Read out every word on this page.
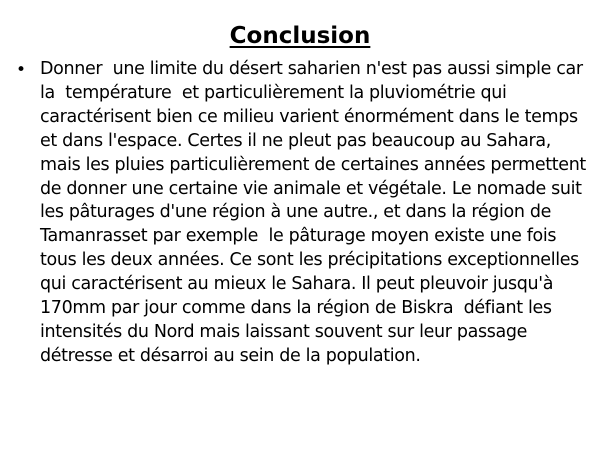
Conclusion
• Donner  une limite du désert saharien n'est pas aussi simple car la  température  et particulièrement la pluviométrie qui  caractérisent bien ce milieu varient énormément dans le temps et dans l'espace. Certes il ne pleut pas beaucoup au Sahara, mais les pluies particulièrement de certaines années permettent de donner une certaine vie animale et végétale. Le nomade suit les pâturages d'une région à une autre., et dans la région de Tamanrasset par exemple  le pâturage moyen existe une fois tous les deux années. Ce sont les précipitations exceptionnelles qui caractérisent au mieux le Sahara. Il peut pleuvoir jusqu'à 170mm par jour comme dans la région de Biskra  défiant les intensités du Nord mais laissant souvent sur leur passage détresse et désarroi au sein de la population.
